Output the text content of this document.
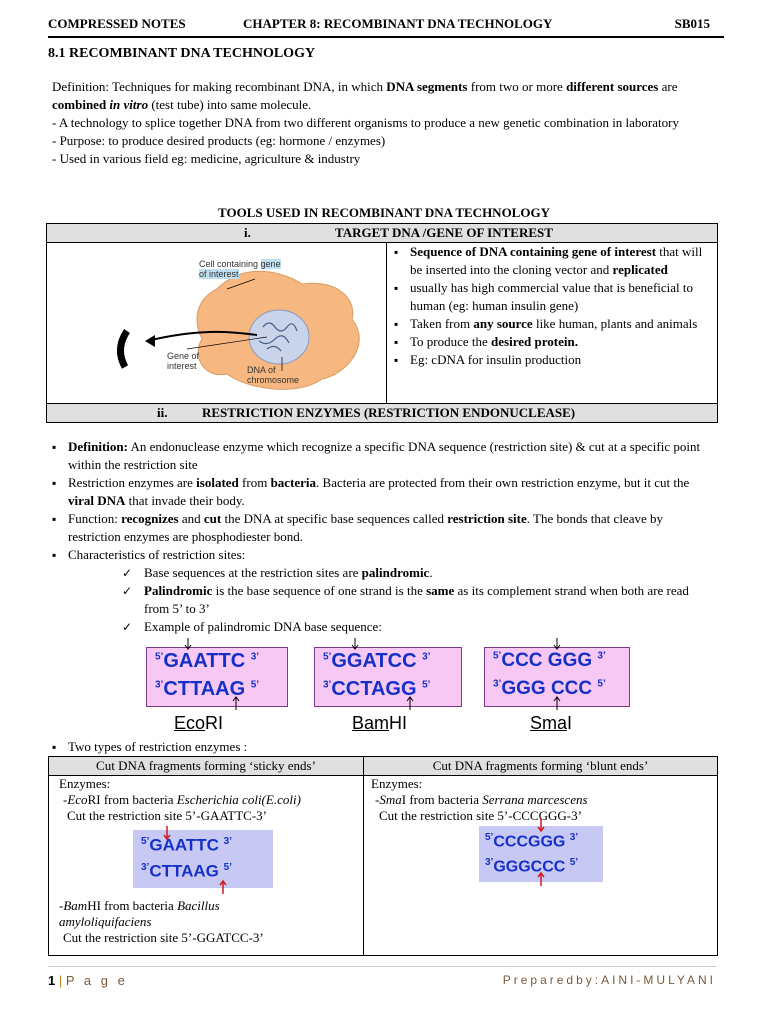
COMPRESSED NOTES	CHAPTER 8: RECOMBINANT DNA TECHNOLOGY	SB015
8.1 RECOMBINANT DNA TECHNOLOGY

Definition: Techniques for making recombinant DNA, in which DNA segments from two or more different sources are combined in vitro (test tube) into same molecule.

- A technology to splice together DNA from two different organisms to produce a new genetic combination in laboratory

- Purpose: to produce desired products (eg: hormone / enzymes)

- Used in various field eg: medicine, agriculture & industry

TOOLS USED IN RECOMBINANT DNA TECHNOLOGY
i.	TARGET DNA /GENE OF INTEREST
Cell containing gene
of interest
Gene of
interest	DNA of
chromosome
▪ Sequence of DNA containing gene of interest that will be inserted into the cloning vector and replicated
▪ usually has high commercial value that is beneficial to human (eg: human insulin gene)
▪ Taken from any source like human, plants and animals
▪ To produce the desired protein.
▪ Eg: cDNA for insulin production
ii.	RESTRICTION ENZYMES (RESTRICTION ENDONUCLEASE)
▪ Definition: An endonuclease enzyme which recognize a specific DNA sequence (restriction site) & cut at a specific point within the restriction site
▪ Restriction enzymes are isolated from bacteria. Bacteria are protected from their own restriction enzyme, but it cut the viral DNA that invade their body.
▪ Function: recognizes and cut the DNA at specific base sequences called restriction site. The bonds that cleave by restriction enzymes are phosphodiester bond.
▪ Characteristics of restriction sites:
✓ Base sequences at the restriction sites are palindromic.
✓ Palindromic is the base sequence of one strand is the same as its complement strand when both are read from 5’ to 3’
✓ Example of palindromic DNA base sequence:
$^{5’}$GAATTC $^{3’}$
$^{3’}$CTTAAG $^{5’}$
$^{5’}$GGATCC $^{3’}$
$^{3’}$CCTAGG $^{5’}$
$^{5’}$CCC GGG $^{3’}$
$^{3’}$GGG CCC $^{5’}$
EcoRI	BamHI	SmaI
▪ Two types of restriction enzymes :
Cut DNA fragments forming ‘sticky ends’	Cut DNA fragments forming ‘blunt ends’
Enzymes:
-EcoRI from bacteria Escherichia coli(E.coli)
Cut the restriction site 5’-GAATTC-3’
$^{5’}$GAATTC $^{3’}$
$^{3’}$CTTAAG $^{5’}$
-BamHI from bacteria Bacillus
amyloliquifaciens
Cut the restriction site 5’-GGATCC-3’
Enzymes:
-SmaI from bacteria Serrana marcescens
Cut the restriction site 5’-CCCGGG-3’
$^{5’}$CCCGGG $^{3’}$
$^{3’}$GGGCCC $^{5’}$
1 | P a g e	Preparedby:AINI-MULYANI
